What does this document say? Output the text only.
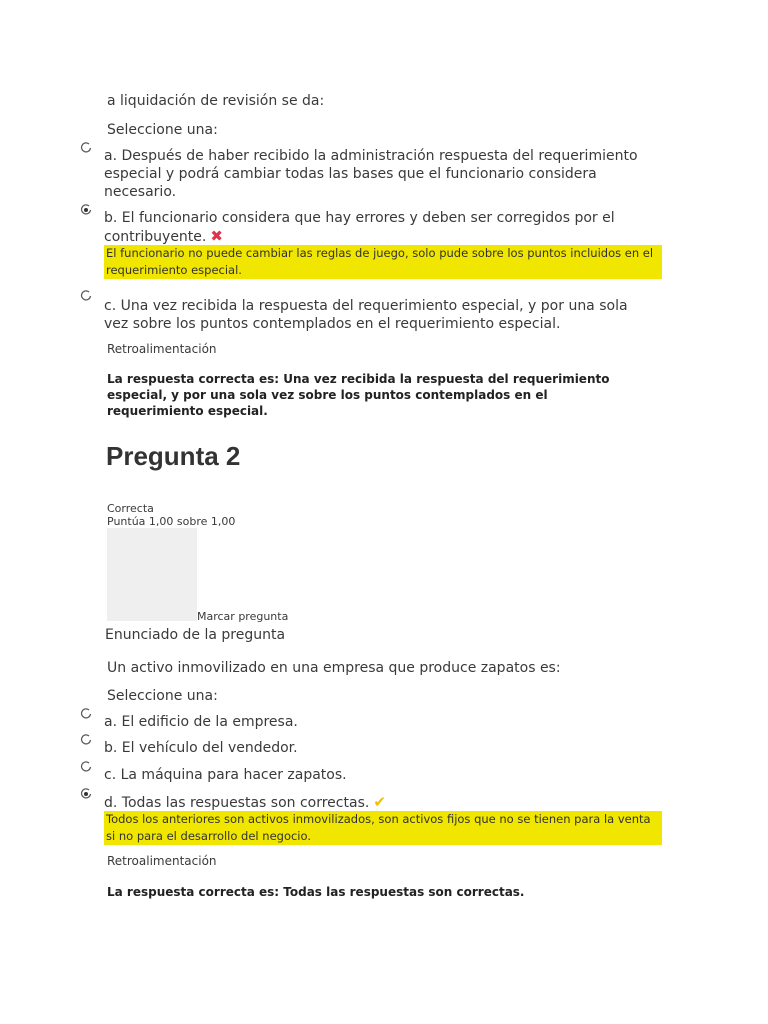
a liquidación de revisión se da:
Seleccione una:
a. Después de haber recibido la administración respuesta del requerimiento especial y podrá cambiar todas las bases que el funcionario considera necesario.
b. El funcionario considera que hay errores y deben ser corregidos por el contribuyente. ✖
El funcionario no puede cambiar las reglas de juego, solo pude sobre los puntos incluidos en el requerimiento especial.
c. Una vez recibida la respuesta del requerimiento especial, y por una sola vez sobre los puntos contemplados en el requerimiento especial.
Retroalimentación
La respuesta correcta es: Una vez recibida la respuesta del requerimiento especial, y por una sola vez sobre los puntos contemplados en el requerimiento especial.
Pregunta 2
Correcta
Puntúa 1,00 sobre 1,00
Marcar pregunta
Enunciado de la pregunta
Un activo inmovilizado en una empresa que produce zapatos es:
Seleccione una:
a. El edificio de la empresa.
b. El vehículo del vendedor.
c. La máquina para hacer zapatos.
d. Todas las respuestas son correctas. ✔
Todos los anteriores son activos inmovilizados, son activos fijos que no se tienen para la venta si no para el desarrollo del negocio.
Retroalimentación
La respuesta correcta es: Todas las respuestas son correctas.
